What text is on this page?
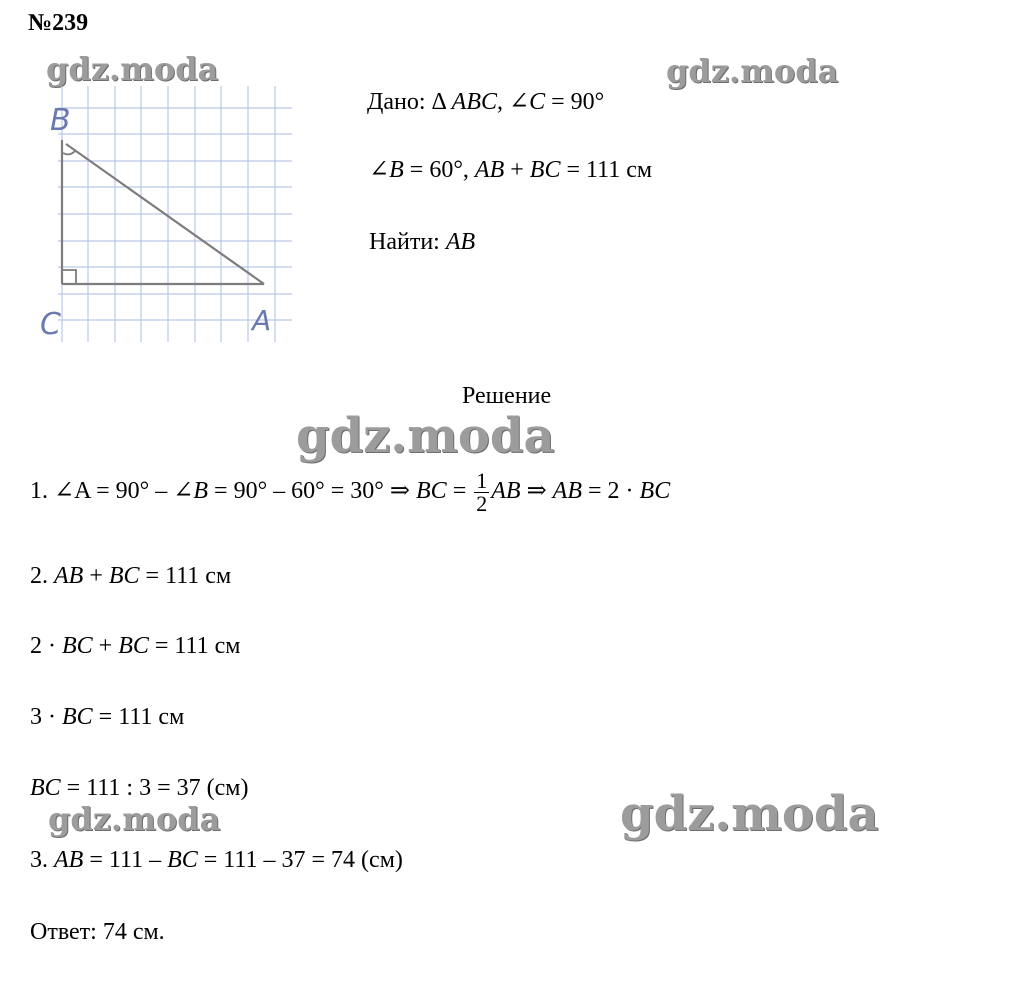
№239
gdz.moda	gdz.moda
gdz.moda
gdz.moda	gdz.moda
B
C	A
Дано: Δ ABC, ∠C = 90°
∠B = 60°, AB + BC = 111 см
Найти: AB
Решение
1. ∠A = 90° – ∠B = 90° – 60° = 30° ⇒ BC = $\frac{1}{2}$ AB ⇒ AB = 2 · BC
2. AB + BC = 111 см
2 · BC + BC = 111 см
3 · BC = 111 см
BC = 111 : 3 = 37 (см)
3. AB = 111 – BC = 111 – 37 = 74 (см)
Ответ: 74 см.
